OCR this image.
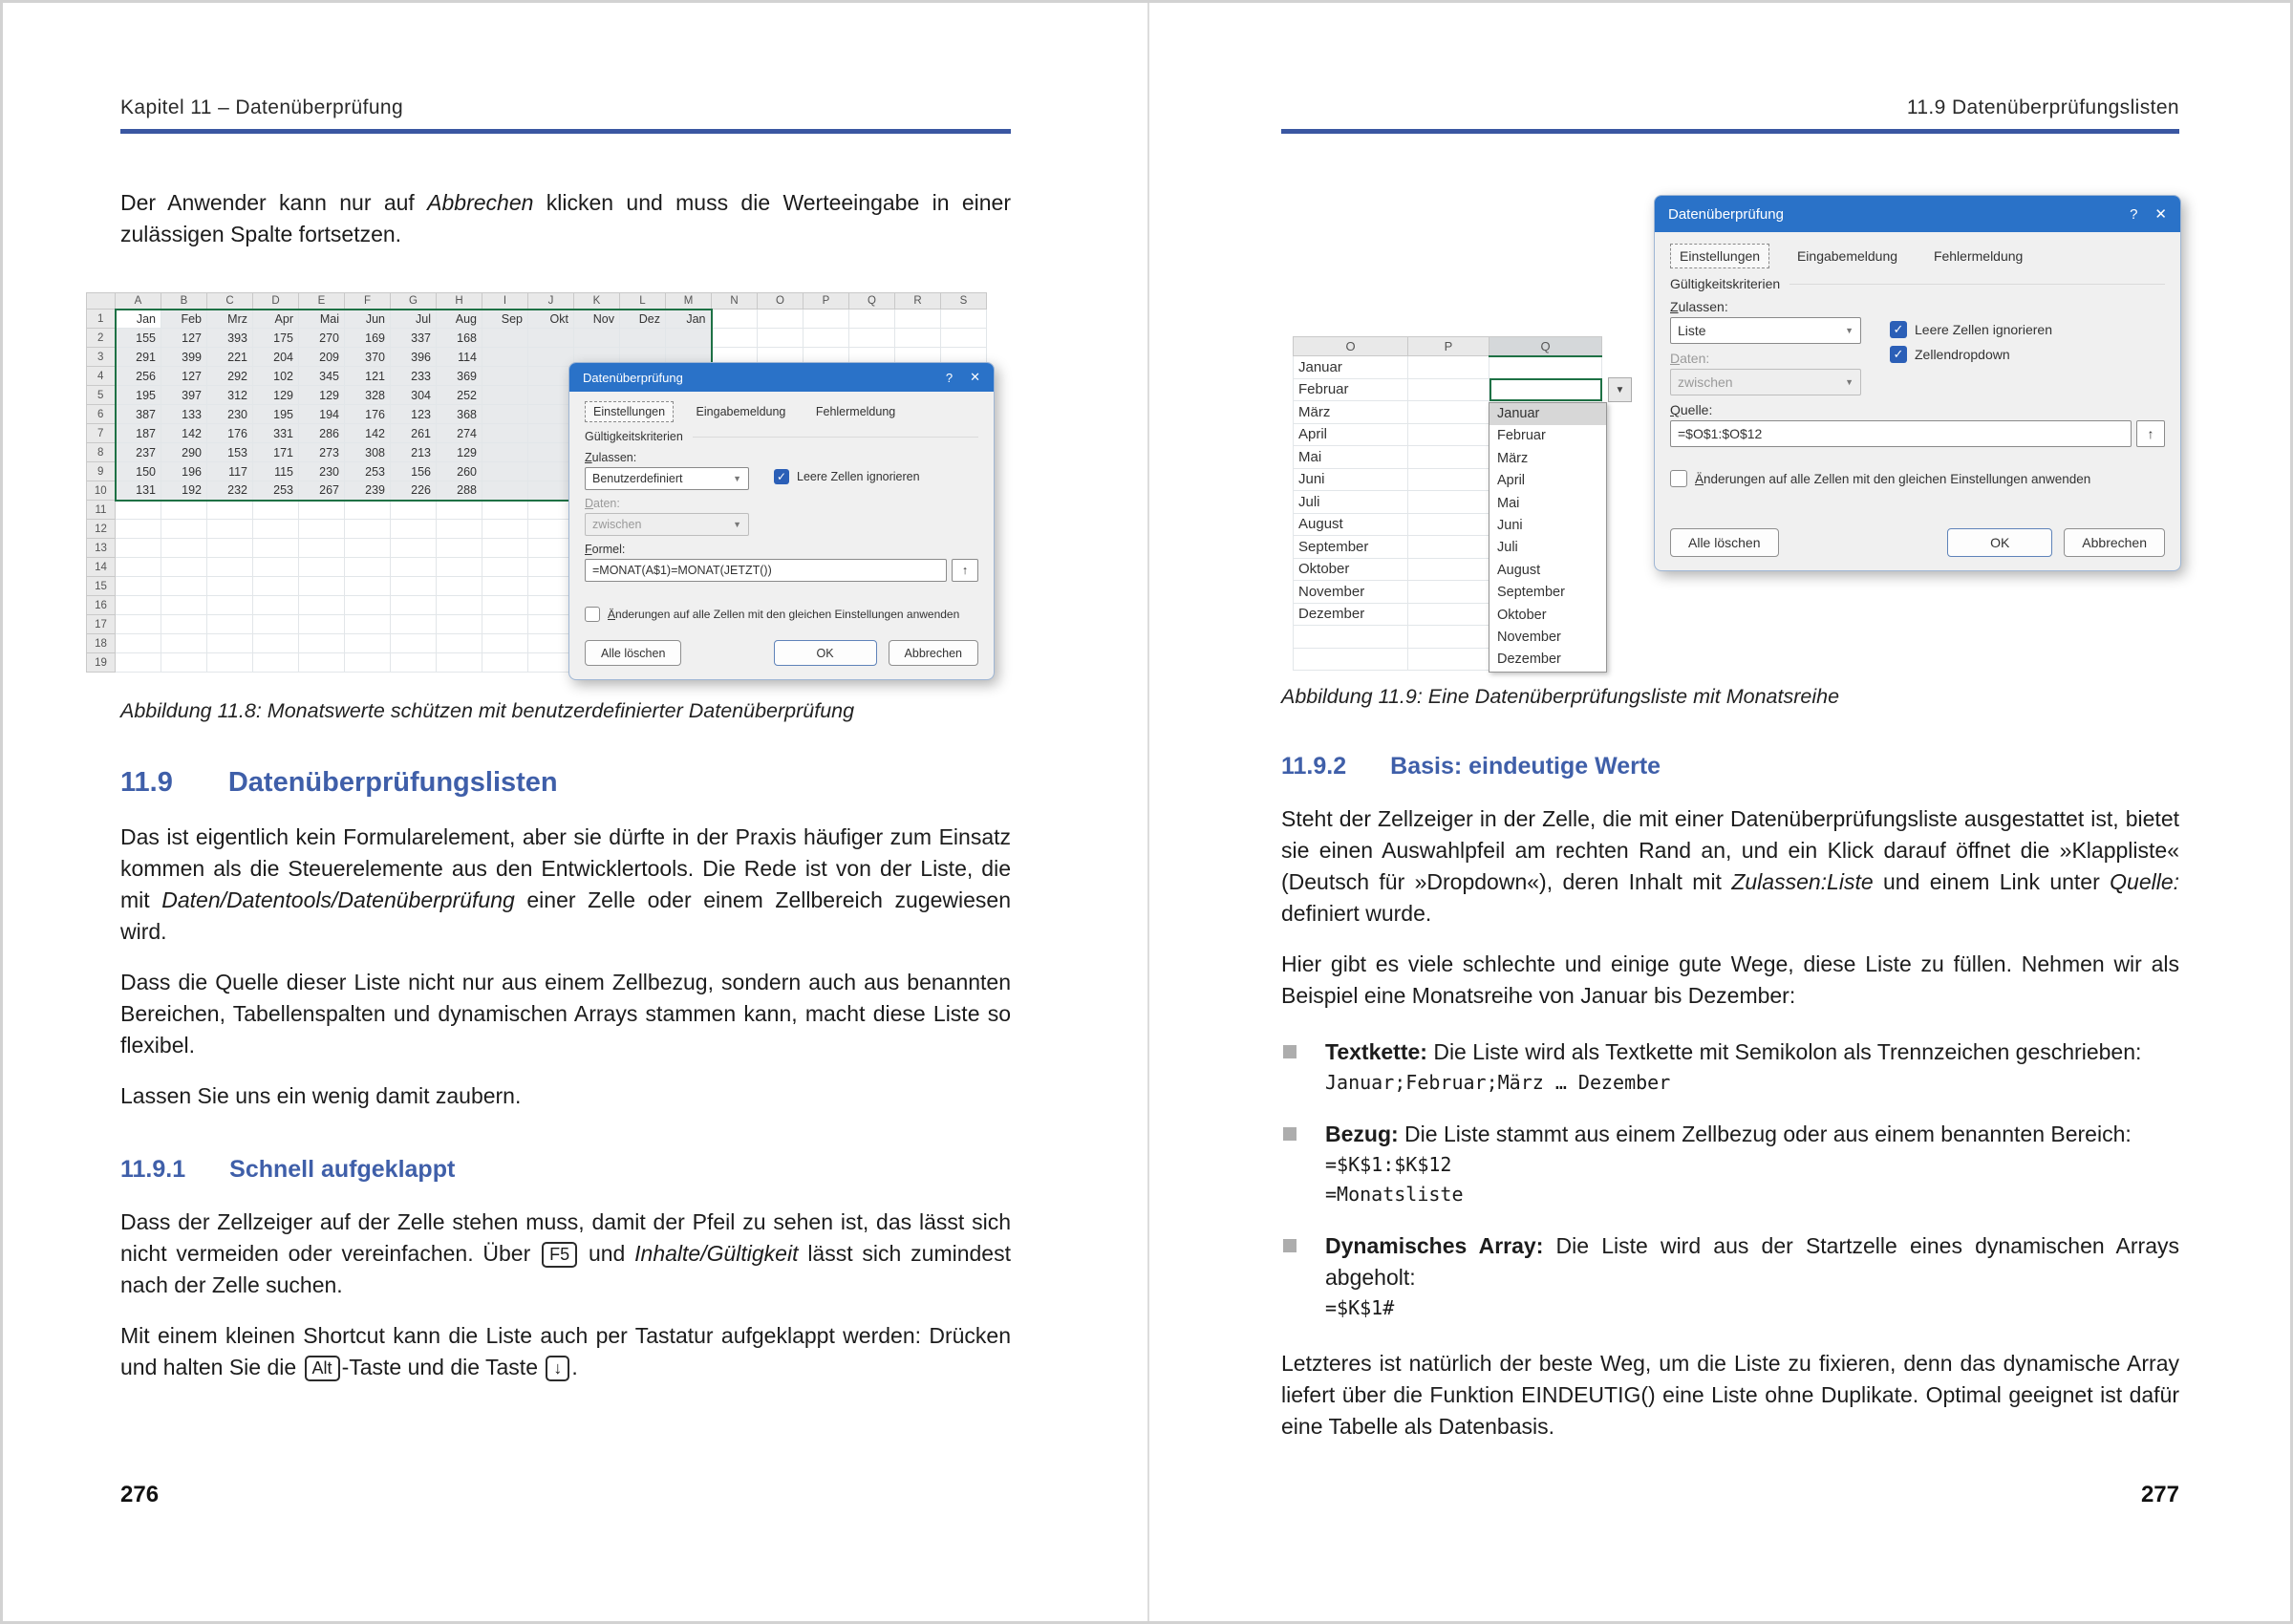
Kapitel 11 – Datenüberprüfung

Der Anwender kann nur auf Abbrechen klicken und muss die Werteeingabe in einer zulässigen Spalte fortsetzen.

	A	B	C	D	E	F	G	H	I	J	K	L	M	N	O	P	Q	R	S
1	Jan	Feb	Mrz	Apr	Mai	Jun	Jul	Aug	Sep	Okt	Nov	Dez	Jan						
2	155	127	393	175	270	169	337	168											
3	291	399	221	204	209	370	396	114											
4	256	127	292	102	345	121	233	369											
5	195	397	312	129	129	328	304	252											
6	387	133	230	195	194	176	123	368											
7	187	142	176	331	286	142	261	274											
8	237	290	153	171	273	308	213	129											
9	150	196	117	115	230	253	156	260											
10	131	192	232	253	267	239	226	288											
11																			
12																			
13																			
14																			
15																			
16																			
17																			
18																			
19																			
Datenüberprüfung	? ✕
Einstellungen	Eingabemeldung	Fehlermeldung
Gültigkeitskriterien
Zulassen:
Benutzerdefiniert	▼
Daten:
zwischen	▼
✓ Leere Zellen ignorieren
Formel:
=MONAT(A$1)=MONAT(JETZT())	↑
Änderungen auf alle Zellen mit den gleichen Einstellungen anwenden
Alle löschen	OK	Abbrechen

Abbildung 11.8: Monatswerte schützen mit benutzerdefinierter Datenüberprüfung

11.9 Datenüberprüfungslisten

Das ist eigentlich kein Formularelement, aber sie dürfte in der Praxis häufiger zum Einsatz kommen als die Steuerelemente aus den Entwicklertools. Die Rede ist von der Liste, die mit Daten/Datentools/Datenüberprüfung einer Zelle oder einem Zellbereich zugewiesen wird.

Dass die Quelle dieser Liste nicht nur aus einem Zellbezug, sondern auch aus benannten Bereichen, Tabellenspalten und dynamischen Arrays stammen kann, macht diese Liste so flexibel.

Lassen Sie uns ein wenig damit zaubern.

11.9.1 Schnell aufgeklappt

Dass der Zellzeiger auf der Zelle stehen muss, damit der Pfeil zu sehen ist, das lässt sich nicht vermeiden oder vereinfachen. Über F5 und Inhalte/Gültigkeit lässt sich zumindest nach der Zelle suchen.

Mit einem kleinen Shortcut kann die Liste auch per Tastatur aufgeklappt werden: Drücken und halten Sie die Alt -Taste und die Taste ↓ .

276
11.9 Datenüberprüfungslisten
O	P	Q
Januar		
Februar		
März		
April		
Mai		
Juni		
Juli		
August		
September		
Oktober		
November		
Dezember		

▼
Januar
Februar
März
April
Mai
Juni
Juli
August
September
Oktober
November
Dezember
Datenüberprüfung	? ✕
Einstellungen	Eingabemeldung	Fehlermeldung
Gültigkeitskriterien
Zulassen:
Liste	▼
Daten:
zwischen	▼
✓ Leere Zellen ignorieren
✓ Zellendropdown
Quelle:
=$O$1:$O$12	↑
Änderungen auf alle Zellen mit den gleichen Einstellungen anwenden
Alle löschen	OK	Abbrechen

Abbildung 11.9: Eine Datenüberprüfungsliste mit Monatsreihe

11.9.2 Basis: eindeutige Werte

Steht der Zellzeiger in der Zelle, die mit einer Datenüberprüfungsliste ausgestattet ist, bietet sie einen Auswahlpfeil am rechten Rand an, und ein Klick darauf öffnet die »Klappliste« (Deutsch für »Dropdown«), deren Inhalt mit Zulassen:Liste und einem Link unter Quelle: definiert wurde.

Hier gibt es viele schlechte und einige gute Wege, diese Liste zu füllen. Nehmen wir als Beispiel eine Monatsreihe von Januar bis Dezember:

Textkette: Die Liste wird als Textkette mit Semikolon als Trennzeichen geschrieben:
Januar;Februar;März … Dezember
Bezug: Die Liste stammt aus einem Zellbezug oder aus einem benannten Bereich:
=$K$1:$K$12
=Monatsliste
Dynamisches Array: Die Liste wird aus der Startzelle eines dynamischen Arrays abgeholt:
=$K$1#

Letzteres ist natürlich der beste Weg, um die Liste zu fixieren, denn das dynamische Array liefert über die Funktion EINDEUTIG() eine Liste ohne Duplikate. Optimal geeignet ist dafür eine Tabelle als Datenbasis.

277
